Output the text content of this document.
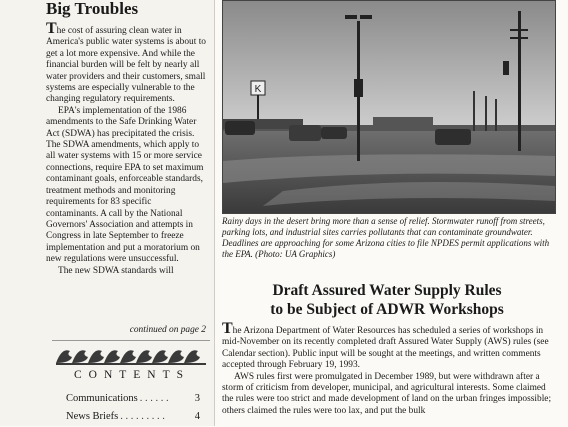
Big Troubles

The cost of assuring clean water in America's public water systems is about to get a lot more expensive. And while the financial burden will be felt by nearly all water providers and their customers, small systems are especially vulnerable to the changing regulatory requirements.

EPA's implementation of the 1986 amendments to the Safe Drinking Water Act (SDWA) has precipitated the crisis. The SDWA amendments, which apply to all water systems with 15 or more service connections, require EPA to set maximum contaminant goals, enforceable standards, treatment methods and monitoring requirements for 83 specific contaminants. A call by the National Governors' Association and attempts in Congress in late September to freeze implementation and put a moratorium on new regulations were unsuccessful.

The new SDWA standards will

continued on page 2
CONTENTS
Communications . . . . . .	3
News Briefs . . . . . . . . .	4
K
Rainy days in the desert bring more than a sense of relief. Stormwater runoff from streets, parking lots, and industrial sites carries pollutants that can contaminate groundwater. Deadlines are approaching for some Arizona cities to file NPDES permit applications with the EPA. (Photo: UA Graphics)
Draft Assured Water Supply Rules
to be Subject of ADWR Workshops

The Arizona Department of Water Resources has scheduled a series of workshops in mid-November on its recently completed draft Assured Water Supply (AWS) rules (see Calendar section). Public input will be sought at the meetings, and written comments accepted through February 19, 1993.

AWS rules first were promulgated in December 1989, but were withdrawn after a storm of criticism from developer, municipal, and agricultural interests. Some claimed the rules were too strict and made development of land on the urban fringes impossible; others claimed the rules were too lax, and put the bulk
